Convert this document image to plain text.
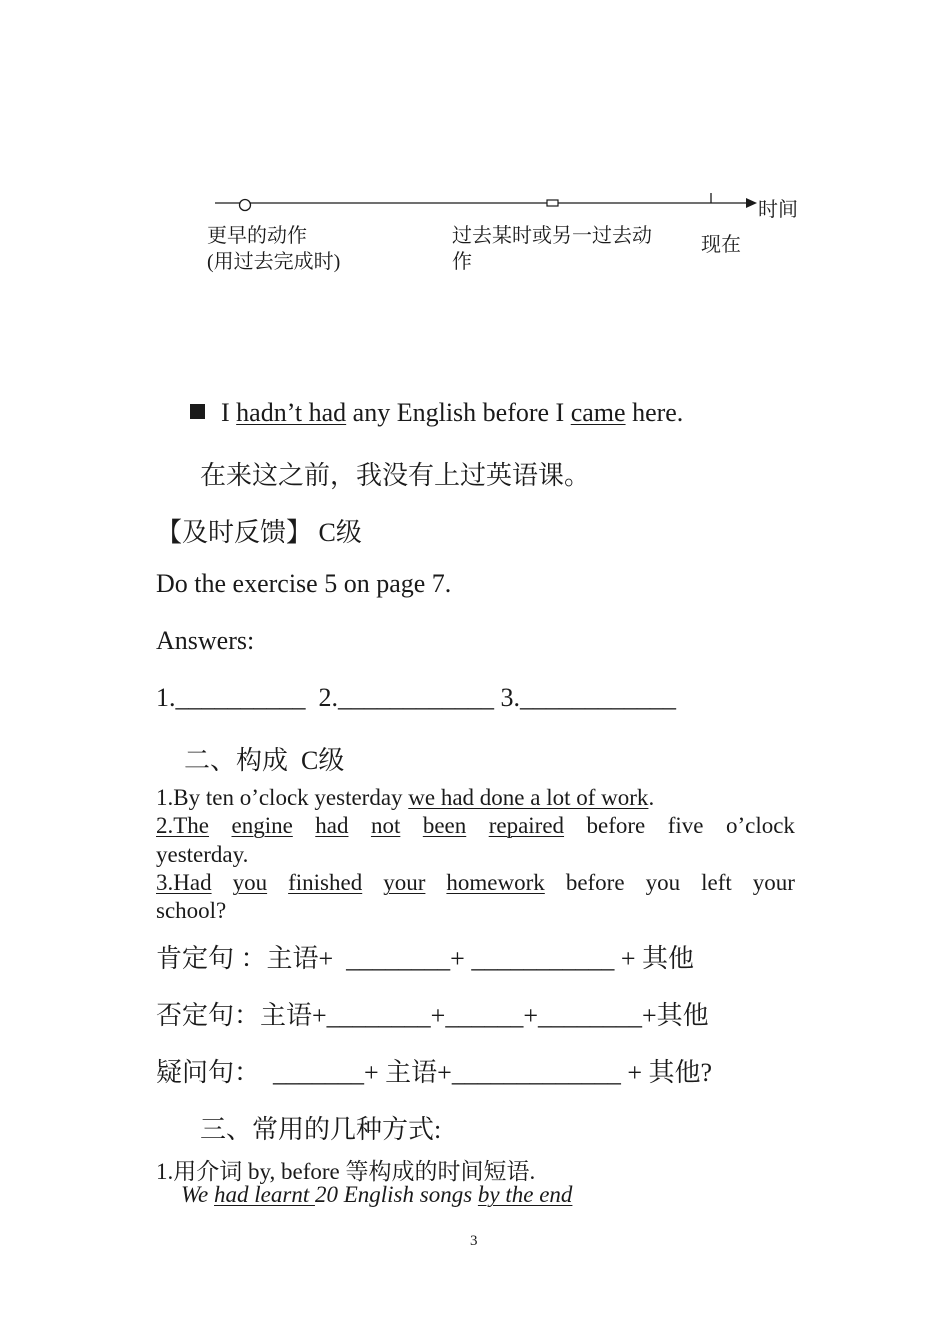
时间
更早的动作
(用过去完成时)
过去某时或另一过去动作
现在
I hadn’t had any English before I came here.
在来这之前，我没有上过英语课。
【及时反馈】 C级
Do the exercise 5 on page 7.
Answers:
1.__________  2.____________ 3.____________
二、构成  C级
1.By ten o’clock yesterday we had done a lot of work.
2.The engine had not been repaired before five o’clock
yesterday.
3.Had you finished your homework before you left your
school?
肯定句 ：主语+  ________+ ___________ + 其他
否定句：主语+________+______+________+其他
疑问句：  _______+ 主语+_____________ + 其他?
三、常用的几种方式:
1.用介词 by, before 等构成的时间短语.
We had learnt 20 English songs by the end
3
